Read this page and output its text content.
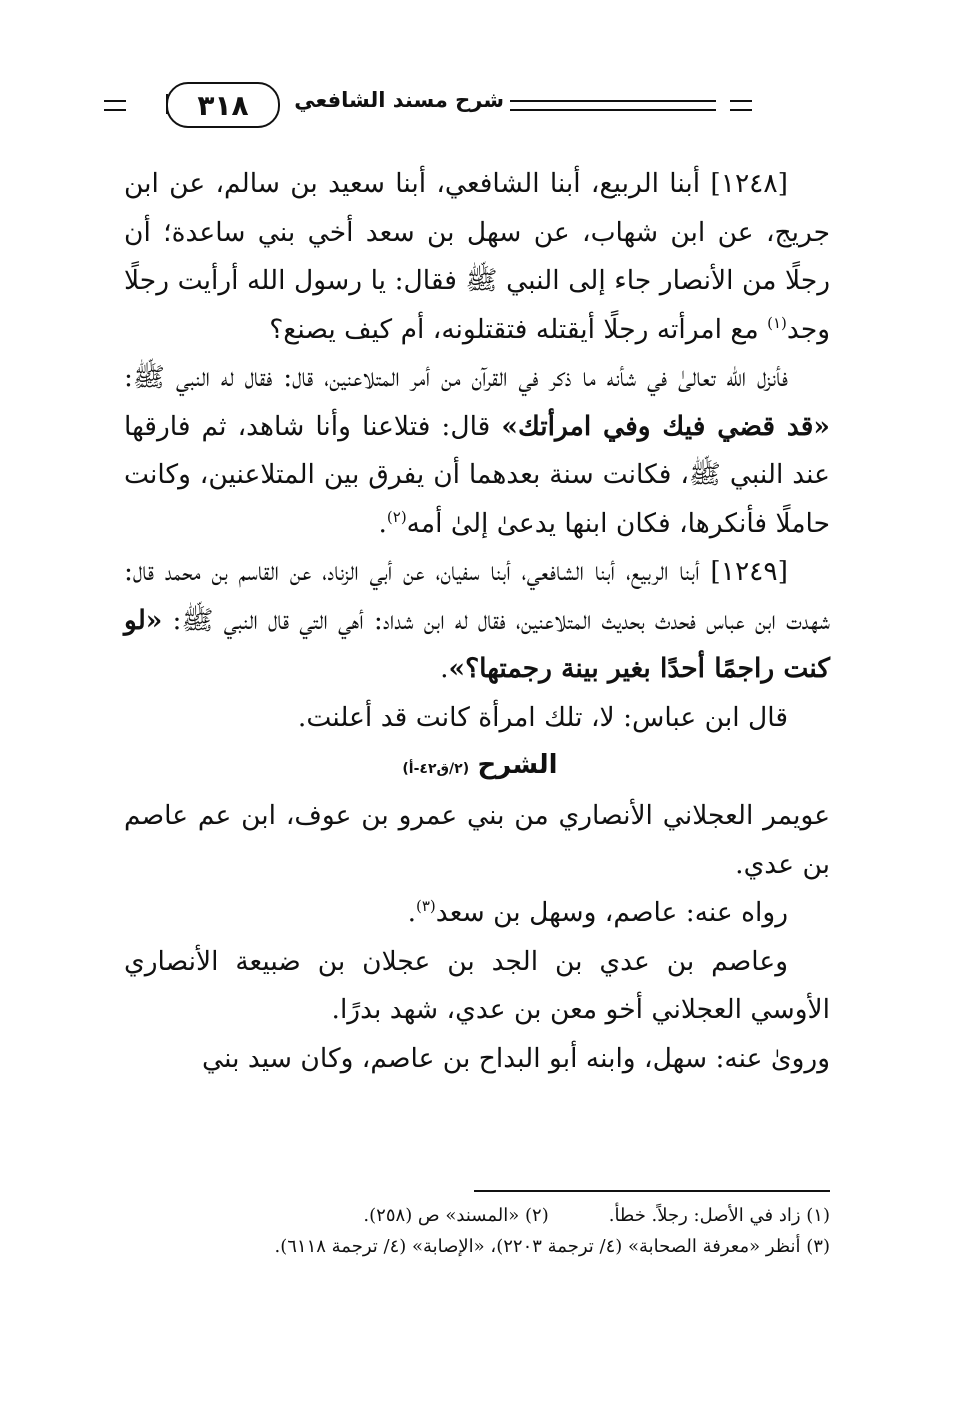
شرح مسند الشافعي
٣١٨

[١٢٤٨] أبنا الربيع، أبنا الشافعي، أبنا سعيد بن سالم، عن ابن جريج، عن ابن شهاب، عن سهل بن سعد أخي بني ساعدة؛ أن رجلًا من الأنصار جاء إلى النبي ﷺ فقال: يا رسول الله أرأيت رجلًا وجد$^{(١)}$ مع امرأته رجلًا أيقتله فتقتلونه، أم كيف يصنع؟

فأنزل الله تعالىٰ في شأنه ما ذكر في القرآن من أمر المتلاعنين، قال: فقال له النبي ﷺ: «قد قضي فيك وفي امرأتك» قال: فتلاعنا وأنا شاهد، ثم فارقها عند النبي ﷺ، فكانت سنة بعدهما أن يفرق بين المتلاعنين، وكانت حاملًا فأنكرها، فكان ابنها يدعىٰ إلىٰ أمه$^{(٢)}$.

[١٢٤٩] أبنا الربيع، أبنا الشافعي، أبنا سفيان، عن أبي الزناد، عن القاسم بن محمد قال: شهدت ابن عباس فحدث بحديث المتلاعنين، فقال له ابن شداد: أهي التي قال النبي ﷺ: «لو كنت راجمًا أحدًا بغير بينة رجمتها؟».

قال ابن عباس: لا، تلك امرأة كانت قد أعلنت.

الشرح (٢/ق٤٢-أ)

عويمر العجلاني الأنصاري من بني عمرو بن عوف، ابن عم عاصم بن عدي.

رواه عنه: عاصم، وسهل بن سعد$^{(٣)}$.

وعاصم بن عدي بن الجد بن عجلان بن ضبيعة الأنصاري الأوسي العجلاني أخو معن بن عدي، شهد بدرًا.

وروىٰ عنه: سهل، وابنه أبو البداح بن عاصم، وكان سيد بني

(١) زاد في الأصل: رجلاً. خطأ.
(٢) «المسند» ص (٢٥٨).
(٣) أنظر «معرفة الصحابة» (٤/ ترجمة ٢٢٠٣)، «الإصابة» (٤/ ترجمة ٦١١٨).
